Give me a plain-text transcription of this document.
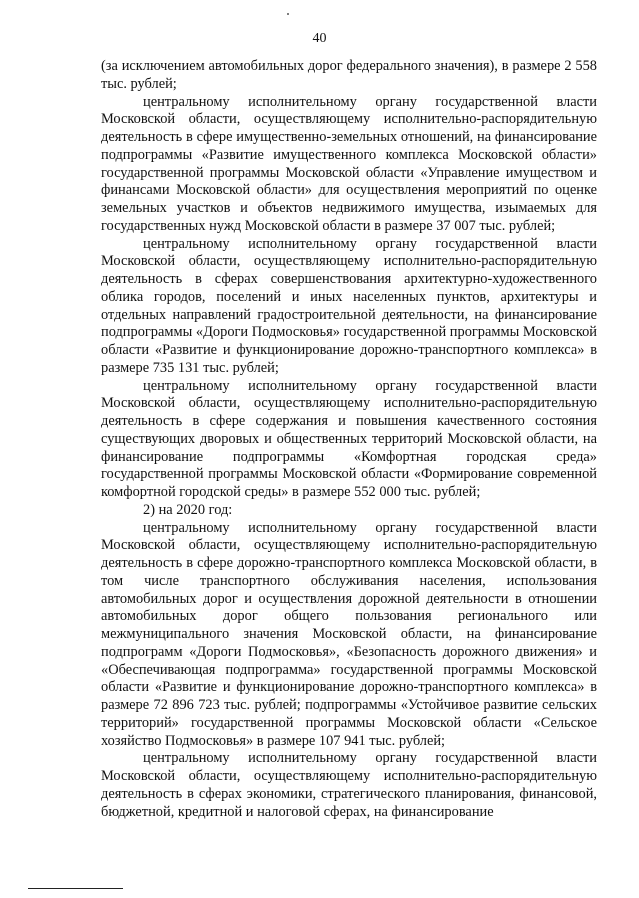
40

(за исключением автомобильных дорог федерального значения), в размере 2 558 тыс. рублей;

центральному исполнительному органу государственной власти Московской области, осуществляющему исполнительно-распорядительную деятельность в сфере имущественно-земельных отношений, на финансирование подпрограммы «Развитие имущественного комплекса Московской области» государственной программы Московской области «Управление имуществом и финансами Московской области» для осуществления мероприятий по оценке земельных участков и объектов недвижимого имущества, изымаемых для государственных нужд Московской области в размере 37 007 тыс. рублей;

центральному исполнительному органу государственной власти Московской области, осуществляющему исполнительно-распорядительную деятельность в сферах совершенствования архитектурно-художественного облика городов, поселений и иных населенных пунктов, архитектуры и отдельных направлений градостроительной деятельности, на финансирование подпрограммы «Дороги Подмосковья» государственной программы Московской области «Развитие и функционирование дорожно-транспортного комплекса» в размере 735 131 тыс. рублей;

центральному исполнительному органу государственной власти Московской области, осуществляющему исполнительно-распорядительную деятельность в сфере содержания и повышения качественного состояния существующих дворовых и общественных территорий Московской области, на финансирование подпрограммы «Комфортная городская среда» государственной программы Московской области «Формирование современной комфортной городской среды» в размере 552 000 тыс. рублей;

2) на 2020 год:

центральному исполнительному органу государственной власти Московской области, осуществляющему исполнительно-распорядительную деятельность в сфере дорожно-транспортного комплекса Московской области, в том числе транспортного обслуживания населения, использования автомобильных дорог и осуществления дорожной деятельности в отношении автомобильных дорог общего пользования регионального или межмуниципального значения Московской области, на финансирование подпрограмм «Дороги Подмосковья», «Безопасность дорожного движения» и «Обеспечивающая подпрограмма» государственной программы Московской области «Развитие и функционирование дорожно-транспортного комплекса» в размере 72 896 723 тыс. рублей; подпрограммы «Устойчивое развитие сельских территорий» государственной программы Московской области «Сельское хозяйство Подмосковья» в размере 107 941 тыс. рублей;

центральному исполнительному органу государственной власти Московской области, осуществляющему исполнительно-распорядительную деятельность в сферах экономики, стратегического планирования, финансовой, бюджетной, кредитной и налоговой сферах, на финансирование
